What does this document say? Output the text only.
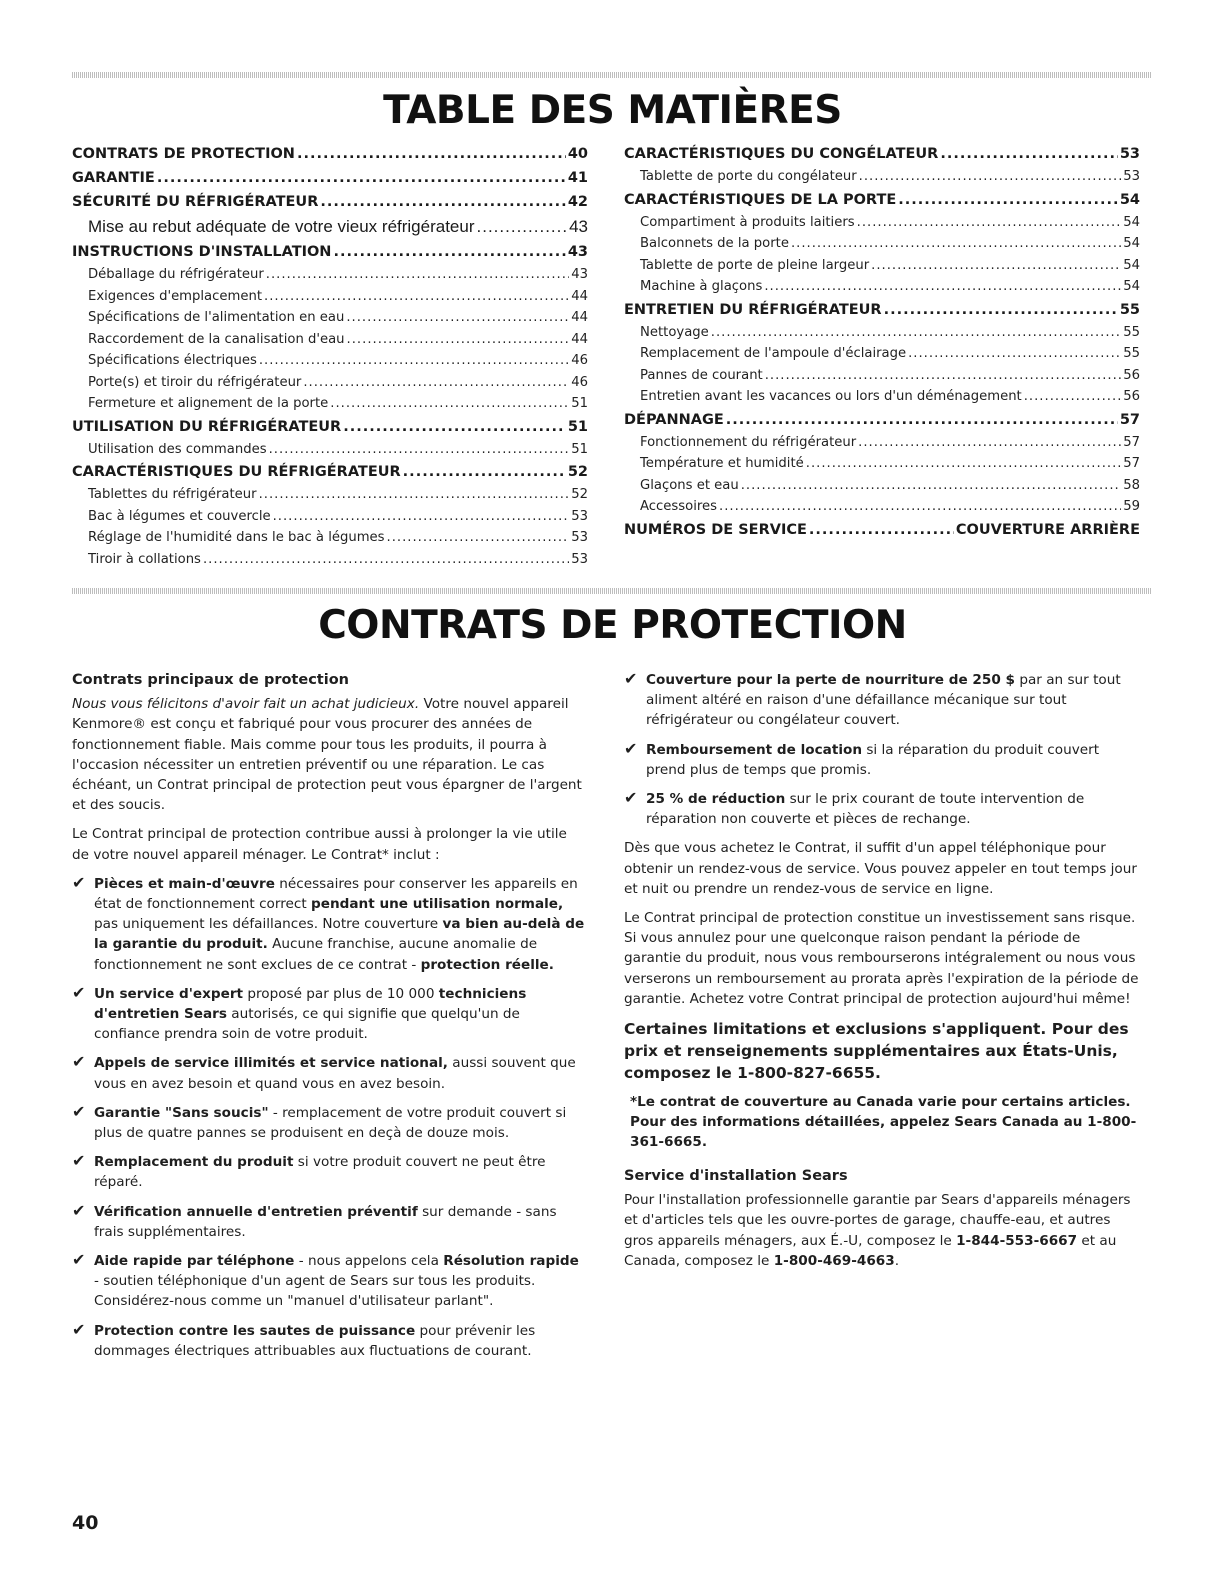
TABLE DES MATIÈRES
CONTRATS DE PROTECTION .....	40
GARANTIE .....	41
SÉCURITÉ DU RÉFRIGÉRATEUR .....	42
Mise au rebut adéquate de votre vieux réfrigérateur .....	43
INSTRUCTIONS D'INSTALLATION .....	43
Déballage du réfrigérateur .....	43
Exigences d'emplacement .....	44
Spécifications de l'alimentation en eau .....	44
Raccordement de la canalisation d'eau .....	44
Spécifications électriques .....	46
Porte(s) et tiroir du réfrigérateur .....	46
Fermeture et alignement de la porte .....	51
UTILISATION DU RÉFRIGÉRATEUR .....	51
Utilisation des commandes .....	51
CARACTÉRISTIQUES DU RÉFRIGÉRATEUR .....	52
Tablettes du réfrigérateur .....	52
Bac à légumes et couvercle .....	53
Réglage de l'humidité dans le bac à légumes .....	53
Tiroir à collations .....	53
CARACTÉRISTIQUES DU CONGÉLATEUR .....	53
Tablette de porte du congélateur .....	53
CARACTÉRISTIQUES DE LA PORTE .....	54
Compartiment à produits laitiers .....	54
Balconnets de la porte .....	54
Tablette de porte de pleine largeur .....	54
Machine à glaçons .....	54
ENTRETIEN DU RÉFRIGÉRATEUR .....	55
Nettoyage .....	55
Remplacement de l'ampoule d'éclairage .....	55
Pannes de courant .....	56
Entretien avant les vacances ou lors d'un déménagement .....	56
DÉPANNAGE .....	57
Fonctionnement du réfrigérateur .....	57
Température et humidité .....	57
Glaçons et eau .....	58
Accessoires .....	59
NUMÉROS DE SERVICE .....	COUVERTURE ARRIÈRE
CONTRATS DE PROTECTION
Contrats principaux de protection

Nous vous félicitons d'avoir fait un achat judicieux. Votre nouvel appareil Kenmore® est conçu et fabriqué pour vous procurer des années de fonctionnement fiable. Mais comme pour tous les produits, il pourra à l'occasion nécessiter un entretien préventif ou une réparation. Le cas échéant, un Contrat principal de protection peut vous épargner de l'argent et des soucis.

Le Contrat principal de protection contribue aussi à prolonger la vie utile de votre nouvel appareil ménager. Le Contrat* inclut :

✔ Pièces et main-d'œuvre nécessaires pour conserver les appareils en état de fonctionnement correct pendant une utilisation normale, pas uniquement les défaillances. Notre couverture va bien au-delà de la garantie du produit. Aucune franchise, aucune anomalie de fonctionnement ne sont exclues de ce contrat - protection réelle.
✔ Un service d'expert proposé par plus de 10 000 techniciens d'entretien Sears autorisés, ce qui signifie que quelqu'un de confiance prendra soin de votre produit.
✔ Appels de service illimités et service national, aussi souvent que vous en avez besoin et quand vous en avez besoin.
✔ Garantie "Sans soucis" - remplacement de votre produit couvert si plus de quatre pannes se produisent en deçà de douze mois.
✔ Remplacement du produit si votre produit couvert ne peut être réparé.
✔ Vérification annuelle d'entretien préventif sur demande - sans frais supplémentaires.
✔ Aide rapide par téléphone - nous appelons cela Résolution rapide - soutien téléphonique d'un agent de Sears sur tous les produits. Considérez-nous comme un "manuel d'utilisateur parlant".
✔ Protection contre les sautes de puissance pour prévenir les dommages électriques attribuables aux fluctuations de courant.
✔ Couverture pour la perte de nourriture de 250 $ par an sur tout aliment altéré en raison d'une défaillance mécanique sur tout réfrigérateur ou congélateur couvert.
✔ Remboursement de location si la réparation du produit couvert prend plus de temps que promis.
✔ 25 % de réduction sur le prix courant de toute intervention de réparation non couverte et pièces de rechange.

Dès que vous achetez le Contrat, il suffit d'un appel téléphonique pour obtenir un rendez-vous de service. Vous pouvez appeler en tout temps jour et nuit ou prendre un rendez-vous de service en ligne.

Le Contrat principal de protection constitue un investissement sans risque. Si vous annulez pour une quelconque raison pendant la période de garantie du produit, nous vous rembourserons intégralement ou nous vous verserons un remboursement au prorata après l'expiration de la période de garantie. Achetez votre Contrat principal de protection aujourd'hui même!

Certaines limitations et exclusions s'appliquent. Pour des prix et renseignements supplémentaires aux États-Unis, composez le 1-800-827-6655.
*Le contrat de couverture au Canada varie pour certains articles. Pour des informations détaillées, appelez Sears Canada au 1-800-361-6665.
Service d'installation Sears

Pour l'installation professionnelle garantie par Sears d'appareils ménagers et d'articles tels que les ouvre-portes de garage, chauffe-eau, et autres gros appareils ménagers, aux É.-U, composez le 1-844-553-6667 et au Canada, composez le 1-800-469-4663.

40
